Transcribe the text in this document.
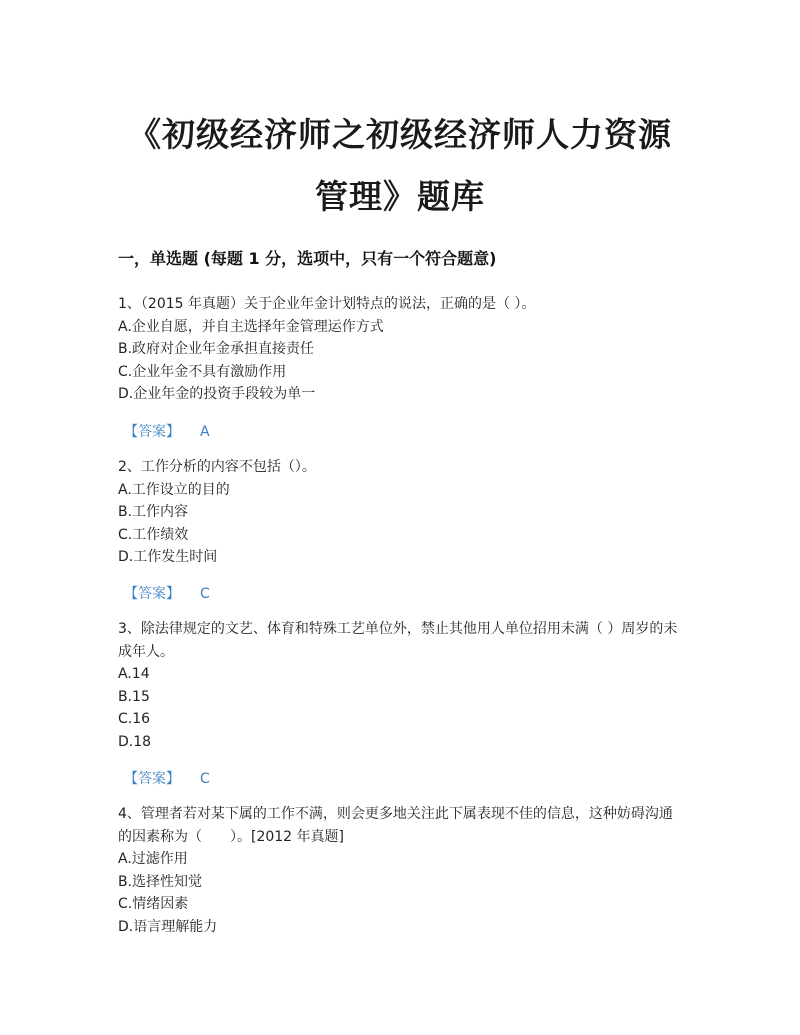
《初级经济师之初级经济师人力资源
管理》题库
一，单选题 (每题 1 分，选项中，只有一个符合题意)
1、（2015 年真题）关于企业年金计划特点的说法，正确的是（ ）。
A.企业自愿，并自主选择年金管理运作方式
B.政府对企业年金承担直接责任
C.企业年金不具有激励作用
D.企业年金的投资手段较为单一
【答案】 A
2、工作分析的内容不包括（）。
A.工作设立的目的
B.工作内容
C.工作绩效
D.工作发生时间
【答案】 C
3、除法律规定的文艺、体育和特殊工艺单位外，禁止其他用人单位招用未满（ ）周岁的未成年人。
A.14
B.15
C.16
D.18
【答案】 C
4、管理者若对某下属的工作不满，则会更多地关注此下属表现不佳的信息，这种妨碍沟通的因素称为（　　）。[2012 年真题]
A.过滤作用
B.选择性知觉
C.情绪因素
D.语言理解能力
